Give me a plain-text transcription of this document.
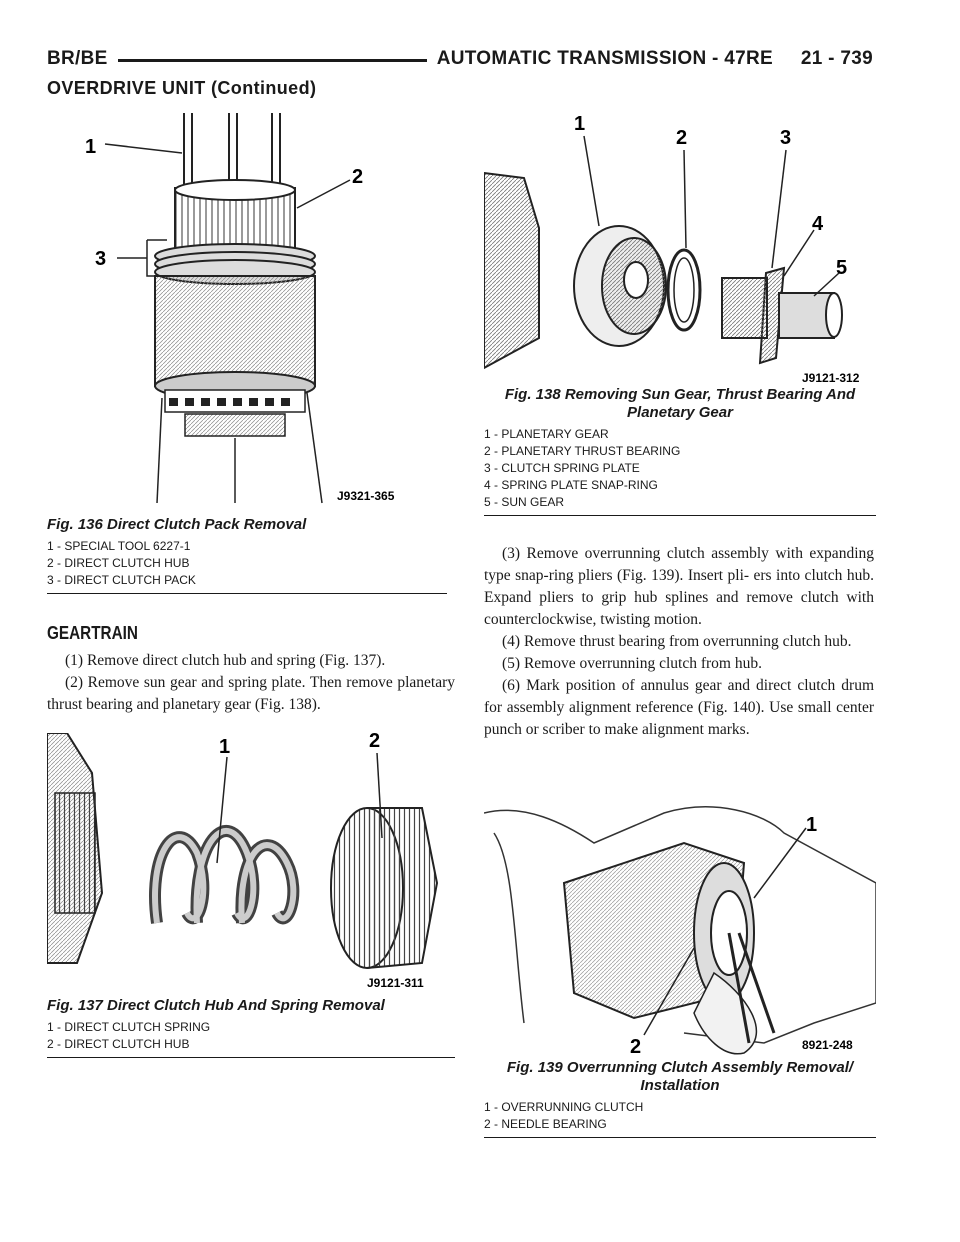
BR/BE	AUTOMATIC TRANSMISSION - 47RE     21 - 739
OVERDRIVE UNIT (Continued)
1
2
3
J9321-365
Fig. 136 Direct Clutch Pack Removal
1 - SPECIAL TOOL 6227-1
2 - DIRECT CLUTCH HUB
3 - DIRECT CLUTCH PACK
1
2	3
4
5
J9121-312
Fig. 138 Removing Sun Gear, Thrust Bearing And Planetary Gear
1 - PLANETARY GEAR
2 - PLANETARY THRUST BEARING
3 - CLUTCH SPRING PLATE
4 - SPRING PLATE SNAP-RING
5 - SUN GEAR
GEARTRAIN

(1) Remove direct clutch hub and spring (Fig. 137).

(2) Remove sun gear and spring plate. Then remove planetary thrust bearing and planetary gear (Fig. 138).

(3) Remove overrunning clutch assembly with expanding type snap-ring pliers (Fig. 139). Insert pli- ers into clutch hub. Expand pliers to grip hub splines and remove clutch with counterclockwise, twisting motion.

(4) Remove thrust bearing from overrunning clutch hub.

(5) Remove overrunning clutch from hub.

(6) Mark position of annulus gear and direct clutch drum for assembly alignment reference (Fig. 140). Use small center punch or scriber to make alignment marks.

1	2
J9121-311
Fig. 137 Direct Clutch Hub And Spring Removal
1 - DIRECT CLUTCH SPRING
2 - DIRECT CLUTCH HUB
1
2	8921-248
Fig. 139 Overrunning Clutch Assembly Removal/ Installation
1 - OVERRUNNING CLUTCH
2 - NEEDLE BEARING
